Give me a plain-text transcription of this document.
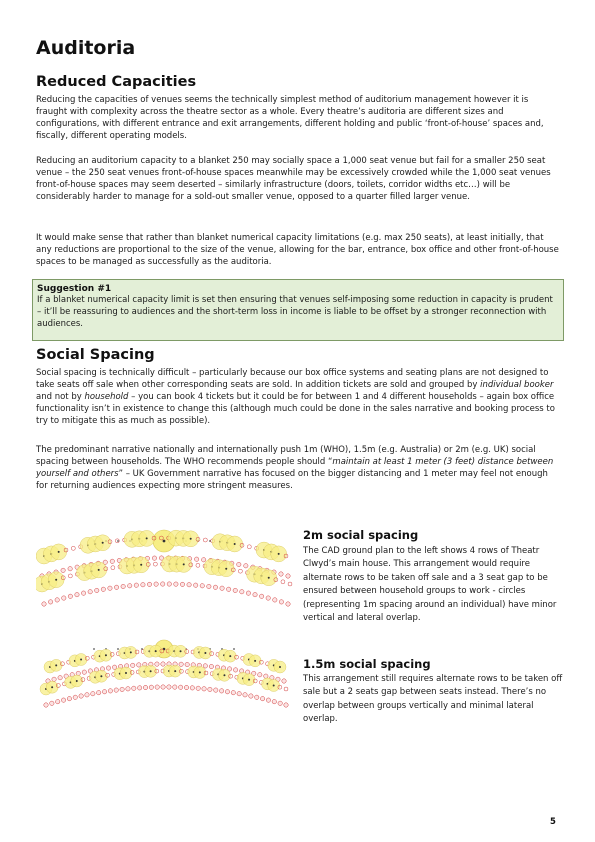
Auditoria
Reduced Capacities

Reducing the capacities of venues seems the technically simplest method of auditorium management however it is fraught with complexity across the theatre sector as a whole. Every theatre’s auditoria are different sizes and configurations, with different entrance and exit arrangements, different holding and public ‘front-of-house’ spaces and, fiscally, different operating models.

Reducing an auditorium capacity to a blanket 250 may socially space a 1,000 seat venue but fail for a smaller 250 seat venue – the 250 seat venues front-of-house spaces meanwhile may be excessively crowded while the 1,000 seat venues front-of-house spaces may seem deserted – similarly infrastructure (doors, toilets, corridor widths etc…) will be considerably harder to manage for a sold-out smaller venue, opposed to a quarter filled larger venue.

It would make sense that rather than blanket numerical capacity limitations (e.g. max 250 seats), at least initially, that any reductions are proportional to the size of the venue, allowing for the bar, entrance, box office and other front-of-house spaces to be managed as successfully as the auditoria.

Suggestion #1
If a blanket numerical capacity limit is set then ensuring that venues self-imposing some reduction in capacity is prudent – it’ll be reassuring to audiences and the short-term loss in income is liable to be offset by a stronger reconnection with audiences.
Social Spacing

Social spacing is technically difficult – particularly because our box office systems and seating plans are not designed to take seats off sale when other corresponding seats are sold. In addition tickets are sold and grouped by individual booker and not by household – you can book 4 tickets but it could be for between 1 and 4 different households – again box office functionality isn’t in existence to change this (although much could be done in the sales narrative and booking process to try to mitigate this as much as possible).

The predominant narrative nationally and internationally push 1m (WHO), 1.5m (e.g. Australia) or 2m (e.g. UK) social spacing between households. The WHO recommends people should “maintain at least 1 meter (3 feet) distance between yourself and others” – UK Government narrative has focused on the bigger distancing and 1 meter may feel not enough for returning audiences expecting more stringent measures.

2m social spacing

The CAD ground plan to the left shows 4 rows of Theatr Clwyd’s main house. This arrangement would require alternate rows to be taken off sale and a 3 seat gap to be ensured between household groups to work - circles (representing 1m spacing around an individual) have minor vertical and lateral overlap.

1.5m social spacing

This arrangement still requires alternate rows to be taken off sale but a 2 seats gap between seats instead. There’s no overlap between groups vertically and minimal lateral overlap.

5
